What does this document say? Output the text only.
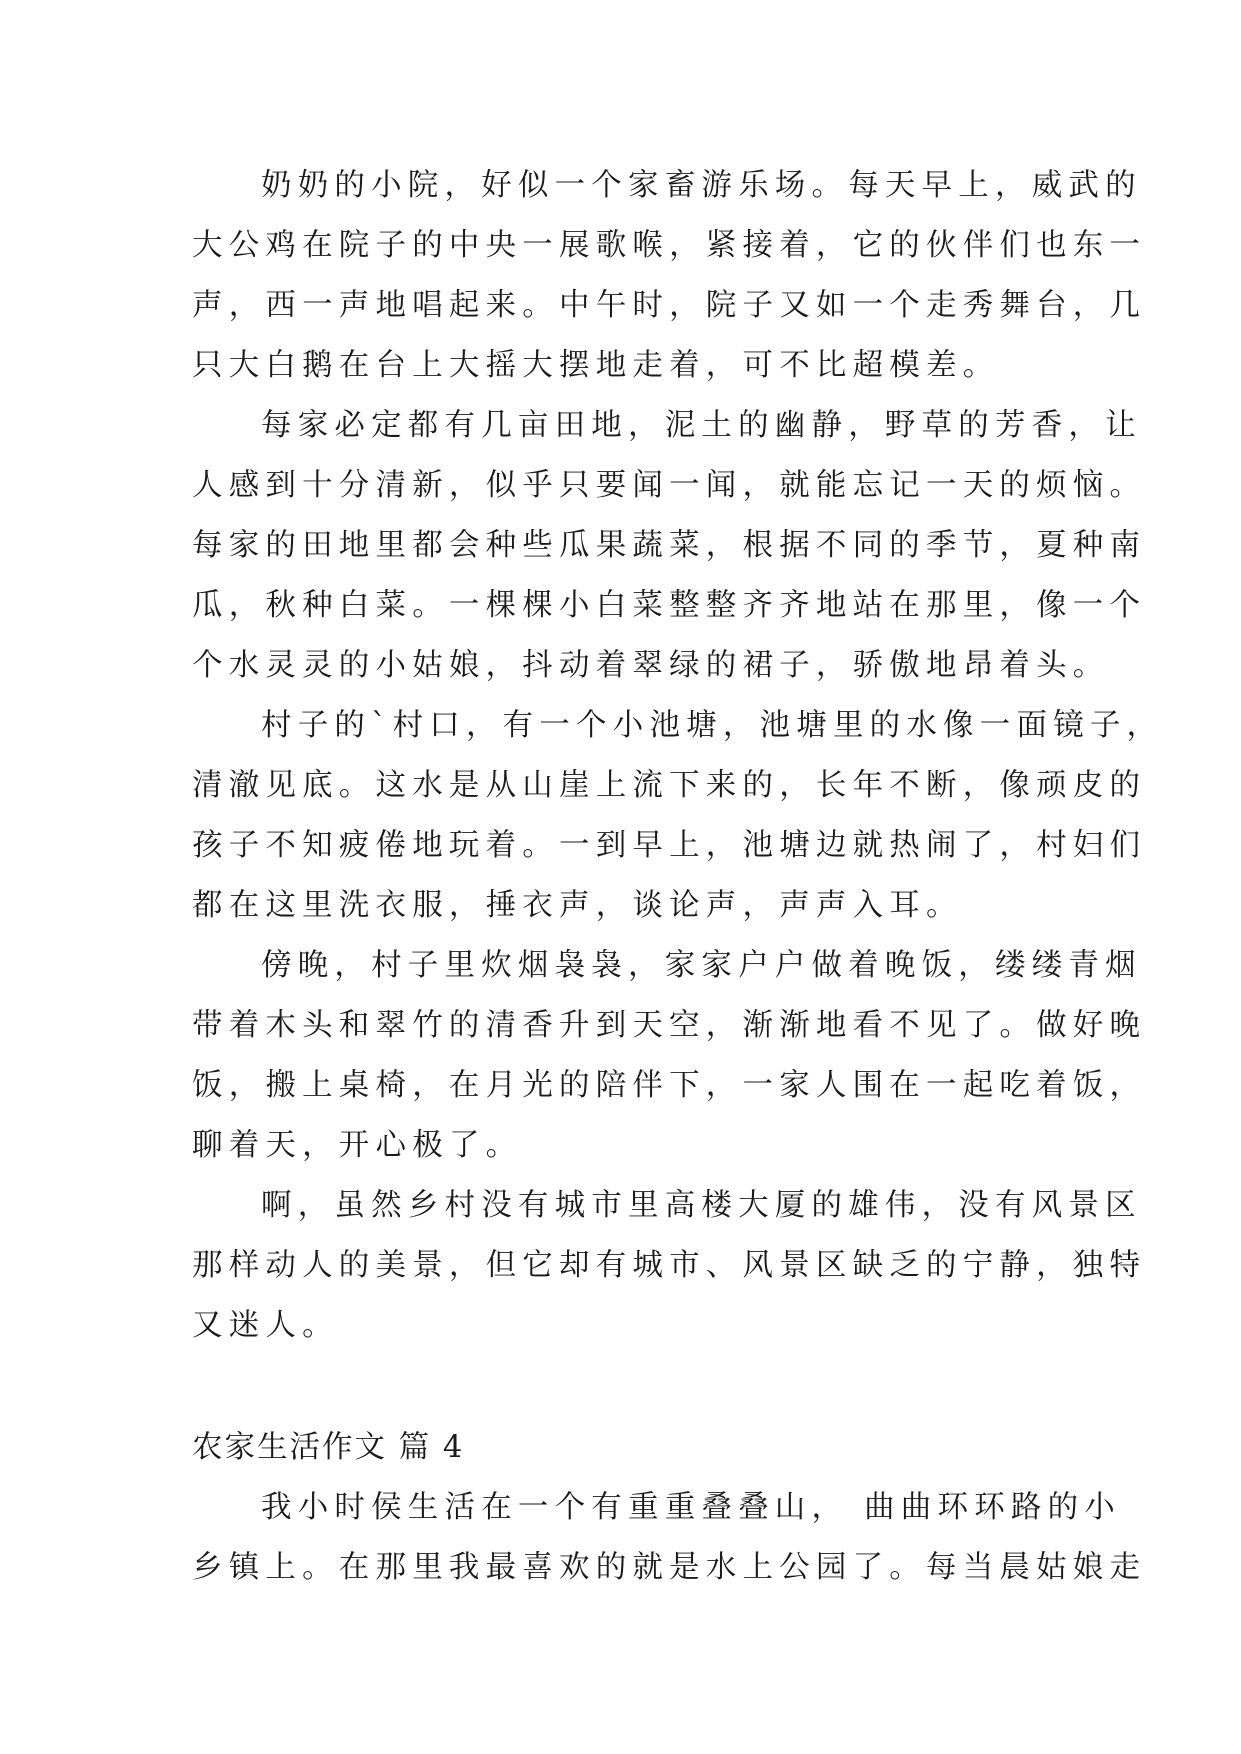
奶奶的小院，好似一个家畜游乐场。每天早上，威武的
大公鸡在院子的中央一展歌喉，紧接着，它的伙伴们也东一
声，西一声地唱起来。中午时，院子又如一个走秀舞台，几
只大白鹅在台上大摇大摆地走着，可不比超模差。
每家必定都有几亩田地，泥土的幽静，野草的芳香，让
人感到十分清新，似乎只要闻一闻，就能忘记一天的烦恼。
每家的田地里都会种些瓜果蔬菜，根据不同的季节，夏种南
瓜，秋种白菜。一棵棵小白菜整整齐齐地站在那里，像一个
个水灵灵的小姑娘，抖动着翠绿的裙子，骄傲地昂着头。
村子的`村口，有一个小池塘，池塘里的水像一面镜子，
清澈见底。这水是从山崖上流下来的，长年不断，像顽皮的
孩子不知疲倦地玩着。一到早上，池塘边就热闹了，村妇们
都在这里洗衣服，捶衣声，谈论声，声声入耳。
傍晚，村子里炊烟袅袅，家家户户做着晚饭，缕缕青烟
带着木头和翠竹的清香升到天空，渐渐地看不见了。做好晚
饭，搬上桌椅，在月光的陪伴下，一家人围在一起吃着饭，
聊着天，开心极了。
啊，虽然乡村没有城市里高楼大厦的雄伟，没有风景区
那样动人的美景，但它却有城市、风景区缺乏的宁静，独特
又迷人。
农家生活作文 篇 4
我小时侯生活在一个有重重叠叠山， 曲曲环环路的小
乡镇上。在那里我最喜欢的就是水上公园了。每当晨姑娘走
